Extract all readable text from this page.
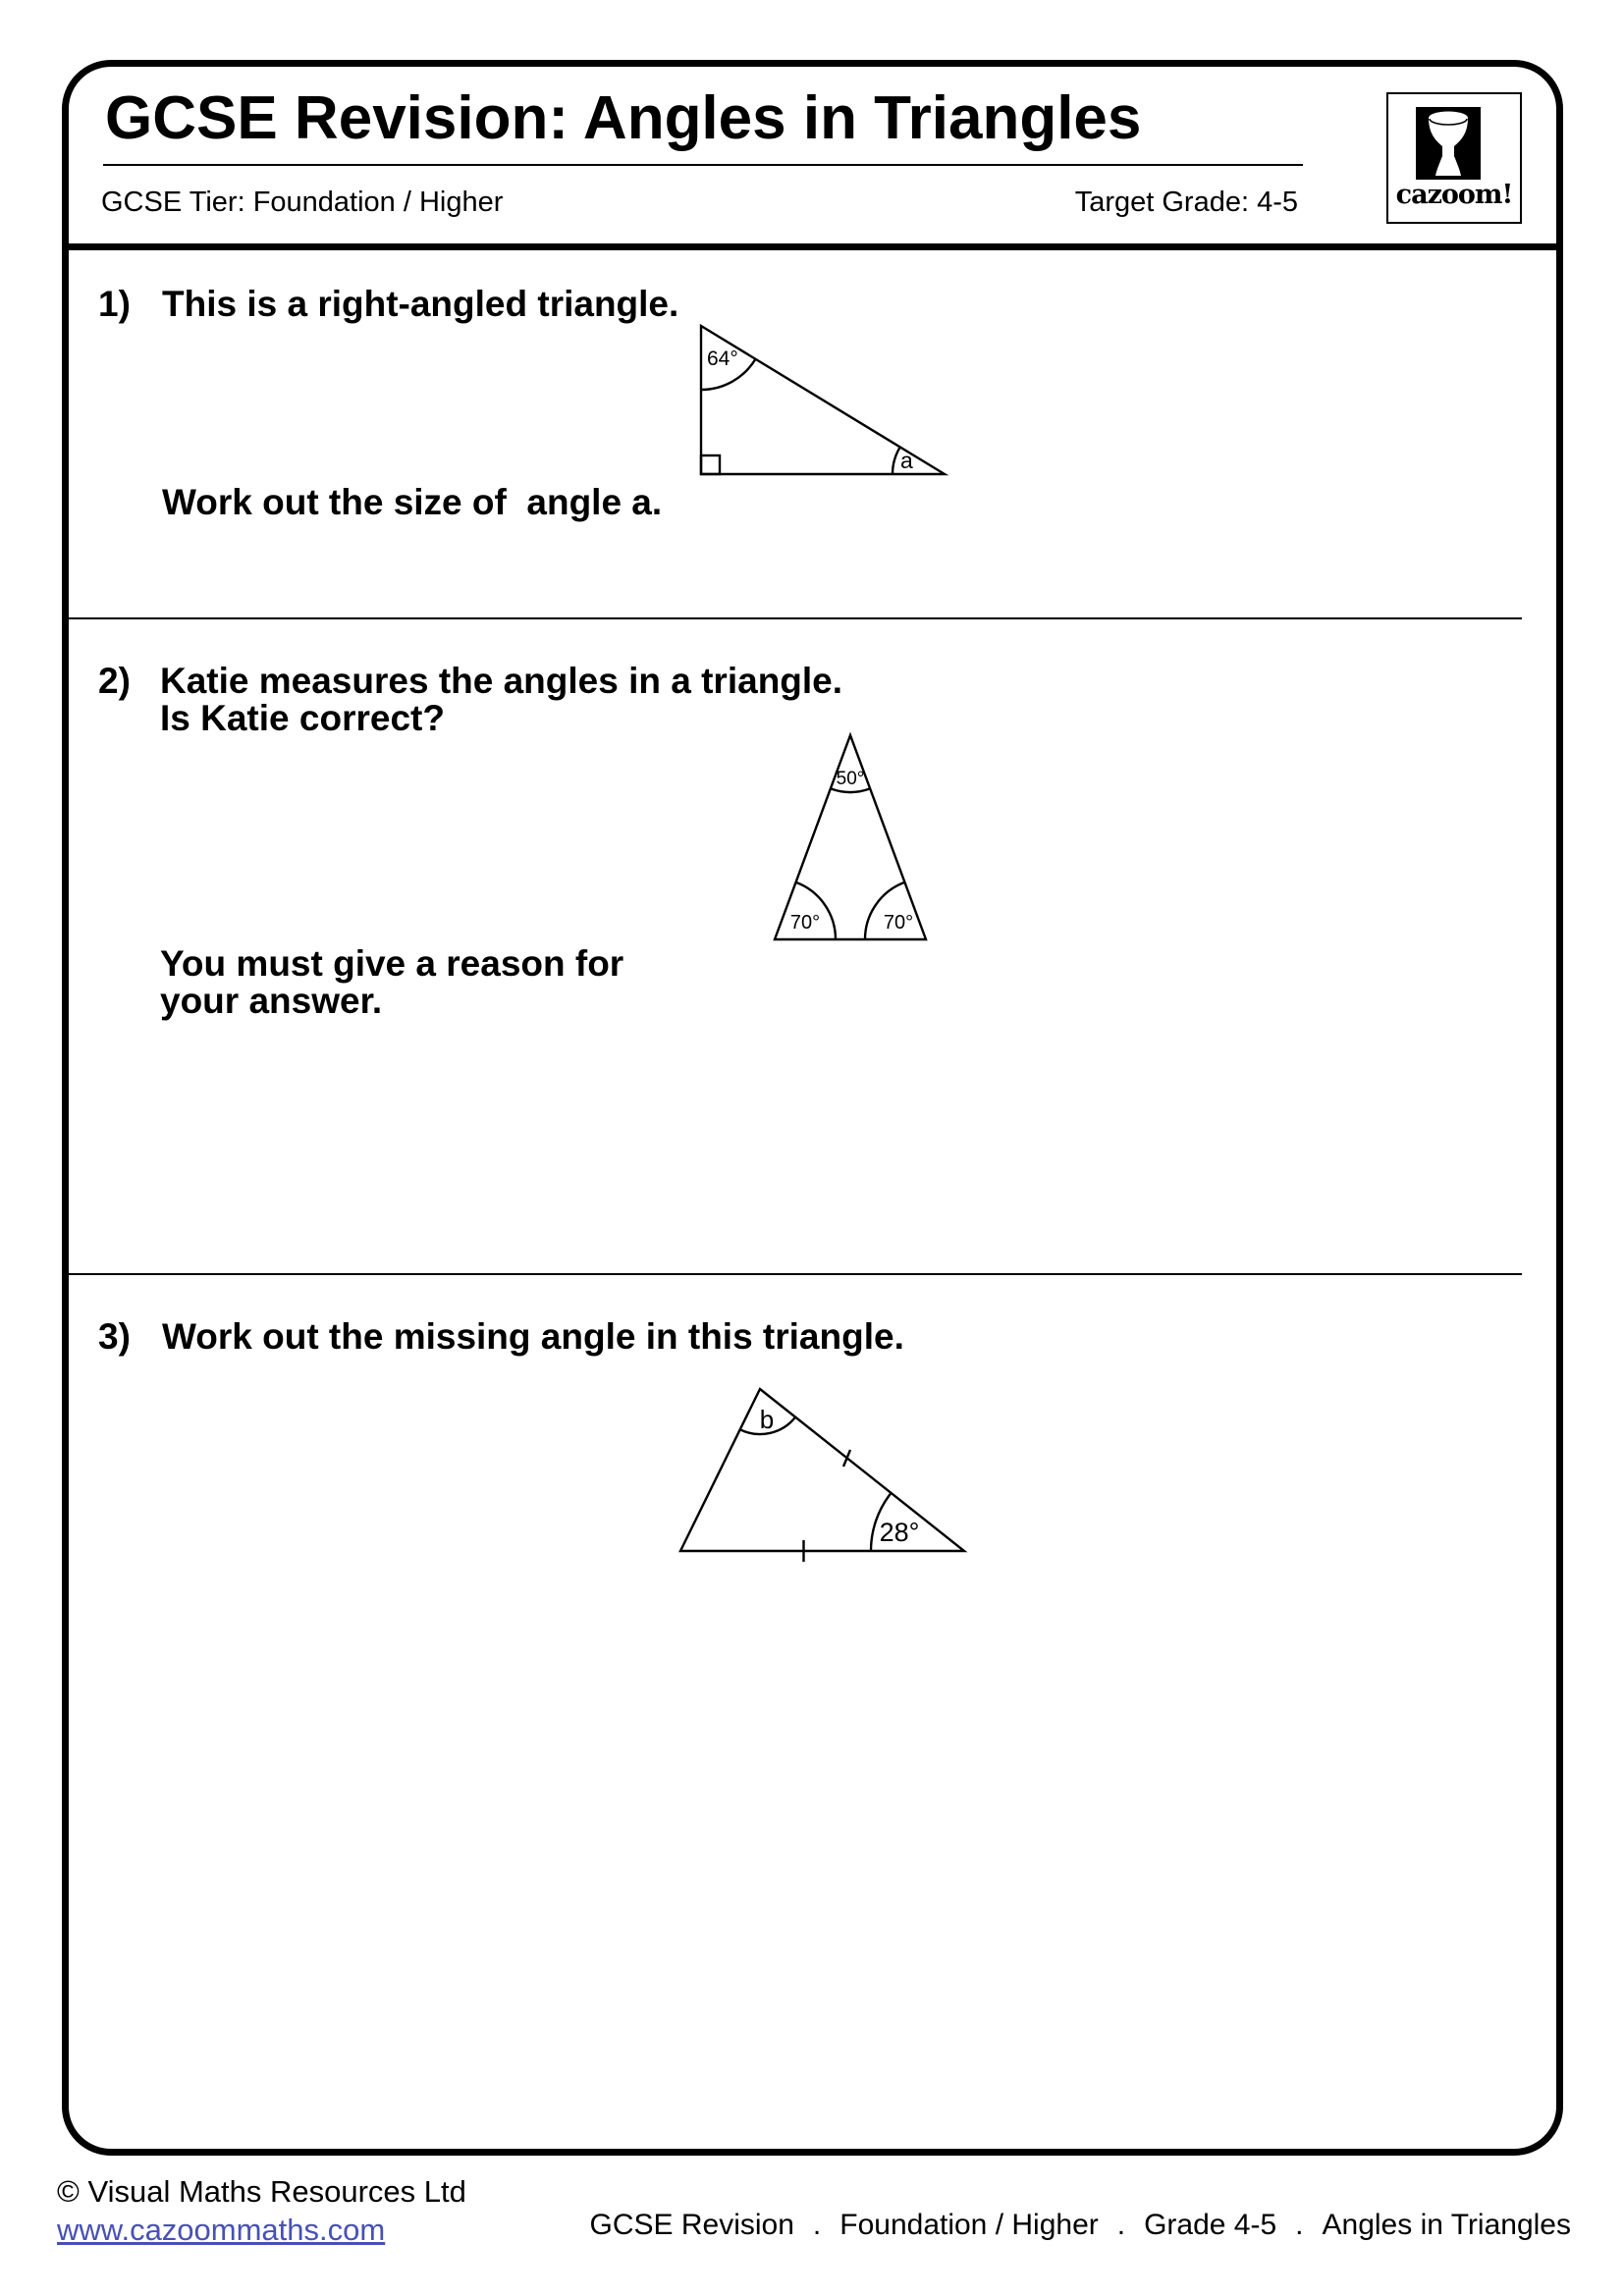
GCSE Revision: Angles in Triangles
GCSE Tier: Foundation / Higher	Target Grade: 4-5	cazoom!
1) This is a right-angled triangle.
Work out the size of  angle a.
64°
a
2) Katie measures the angles in a triangle.
Is Katie correct?
You must give a reason for
your answer.
50°
70°	70°
3) Work out the missing angle in this triangle.
b
28°
© Visual Maths Resources Ltd
www.cazoommaths.com	GCSE Revision . Foundation / Higher . Grade 4-5 . Angles in Triangles
